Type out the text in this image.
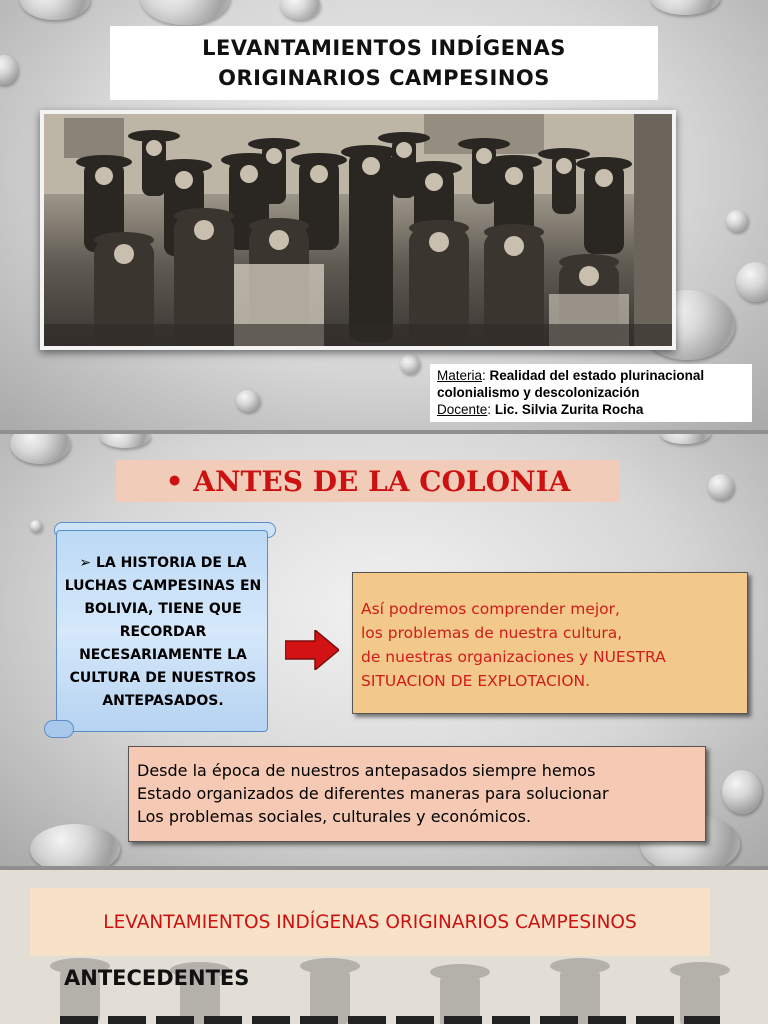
LEVANTAMIENTOS INDÍGENAS
ORIGINARIOS CAMPESINOS
Materia: Realidad del estado plurinacional colonialismo y descolonización
Docente: Lic. Silvia Zurita Rocha
• ANTES DE LA COLONIA
➢ LA HISTORIA DE LA LUCHAS CAMPESINAS EN BOLIVIA, TIENE QUE RECORDAR NECESARIAMENTE LA CULTURA DE NUESTROS ANTEPASADOS.
Así podremos comprender mejor,
los problemas de nuestra cultura,
de nuestras organizaciones y NUESTRA
SITUACION DE EXPLOTACION.
Desde la época de nuestros antepasados siempre hemos
Estado organizados de diferentes maneras para solucionar
Los problemas sociales, culturales y económicos.
LEVANTAMIENTOS INDÍGENAS ORIGINARIOS CAMPESINOS
ANTECEDENTES
